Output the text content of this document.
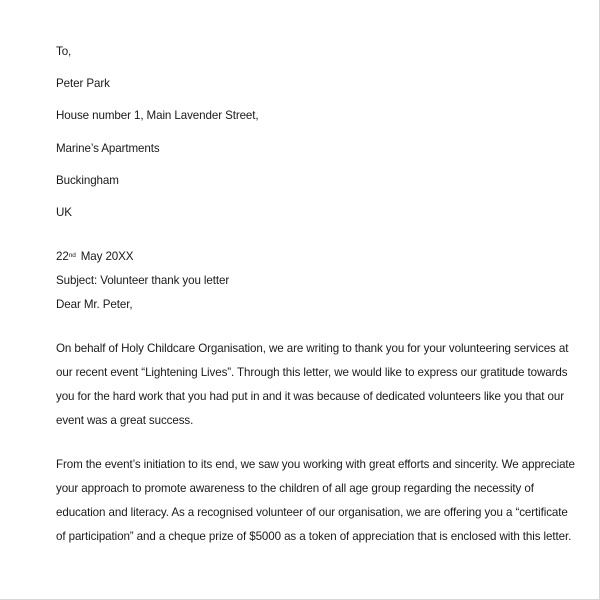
To,
Peter Park
House number 1, Main Lavender Street,
Marine’s Apartments
Buckingham
UK
22nd May 20XX
Subject: Volunteer thank you letter
Dear Mr. Peter,
On behalf of Holy Childcare Organisation, we are writing to thank you for your volunteering services at
our recent event “Lightening Lives”. Through this letter, we would like to express our gratitude towards
you for the hard work that you had put in and it was because of dedicated volunteers like you that our
event was a great success.
From the event’s initiation to its end, we saw you working with great efforts and sincerity. We appreciate
your approach to promote awareness to the children of all age group regarding the necessity of
education and literacy. As a recognised volunteer of our organisation, we are offering you a “certificate
of participation” and a cheque prize of $5000 as a token of appreciation that is enclosed with this letter.
